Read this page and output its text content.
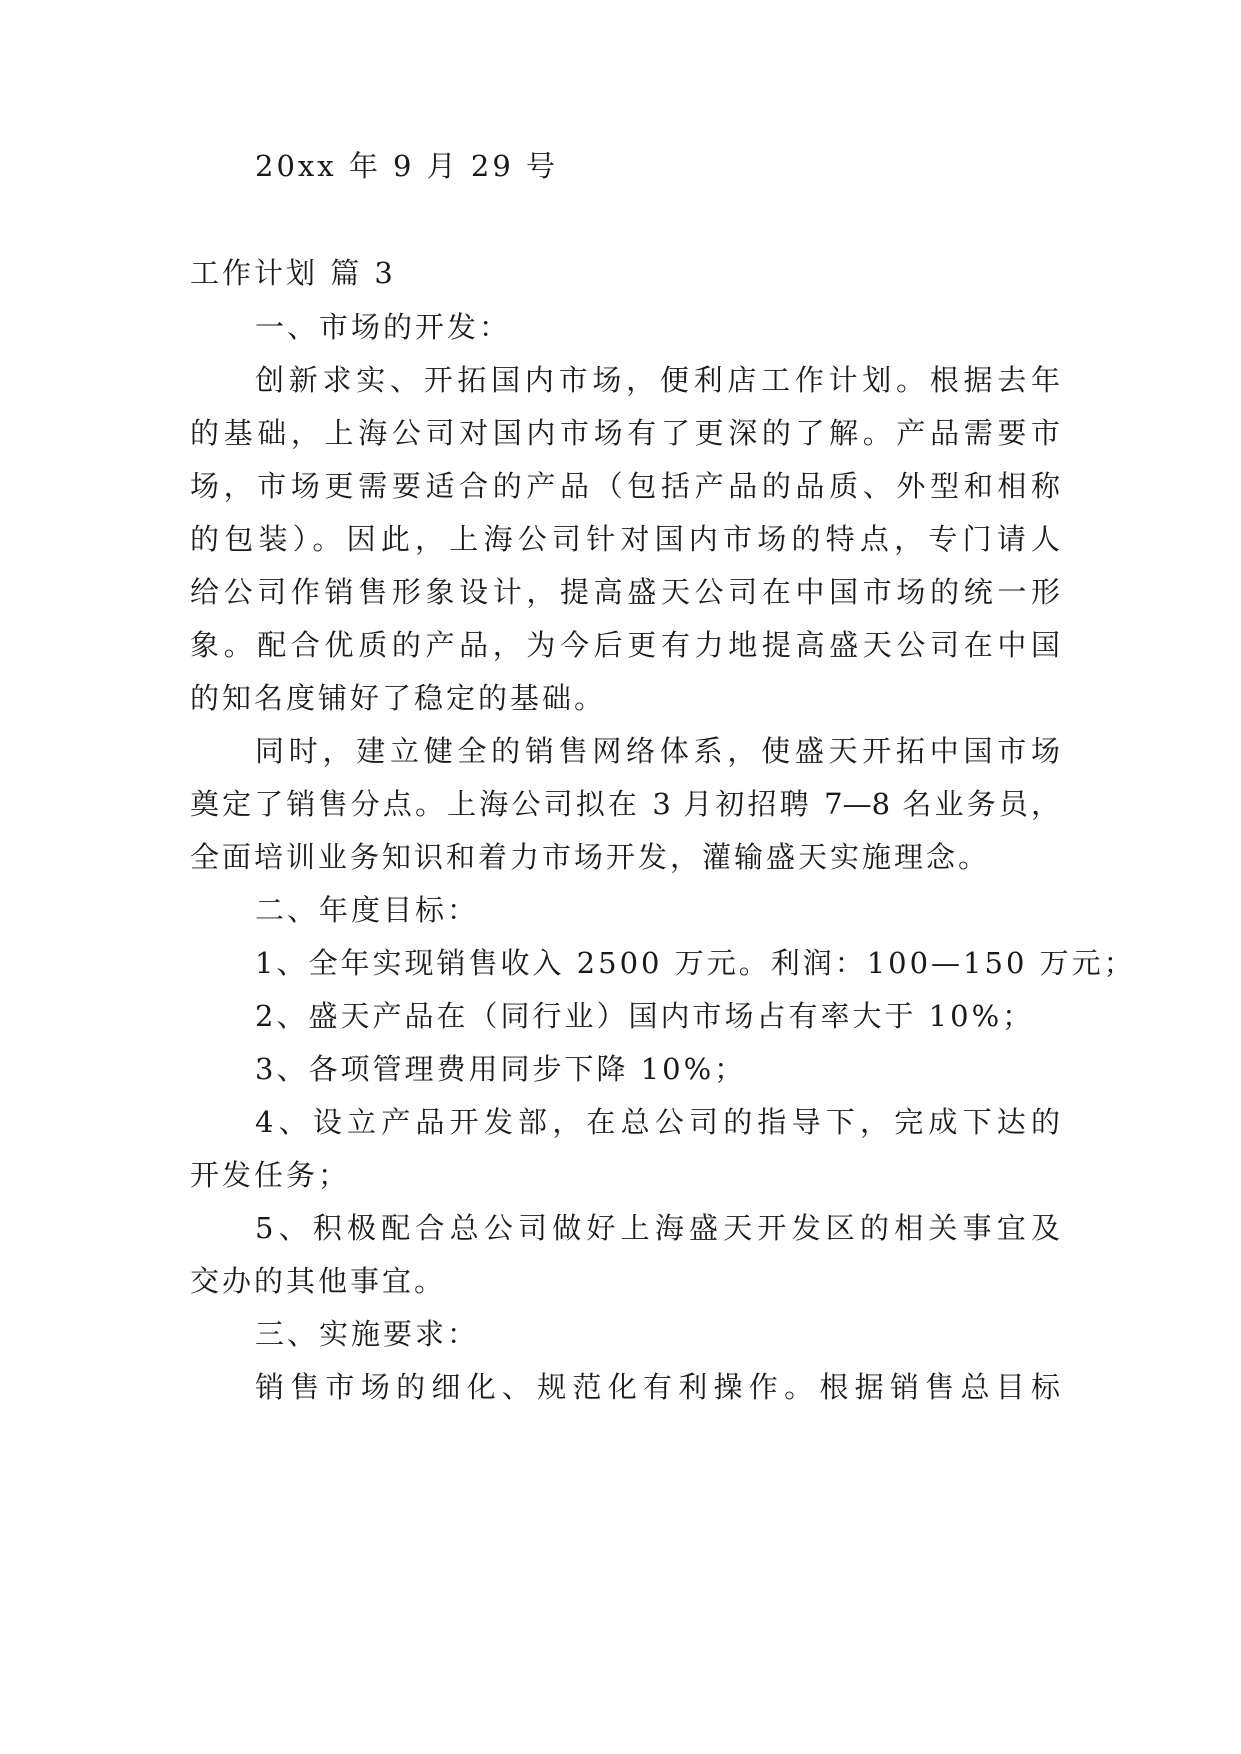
20xx 年 9 月 29 号
工作计划 篇 3
一、市场的开发：
创新求实、开拓国内市场，便利店工作计划。根据去年
的基础，上海公司对国内市场有了更深的了解。产品需要市
场，市场更需要适合的产品（包括产品的品质、外型和相称
的包装）。因此，上海公司针对国内市场的特点，专门请人
给公司作销售形象设计，提高盛天公司在中国市场的统一形
象。配合优质的产品，为今后更有力地提高盛天公司在中国
的知名度铺好了稳定的基础。
同时，建立健全的销售网络体系，使盛天开拓中国市场
奠定了销售分点。上海公司拟在 3 月初招聘 7—8 名业务员，
全面培训业务知识和着力市场开发，灌输盛天实施理念。
二、年度目标：
1、全年实现销售收入 2500 万元。利润：100—150 万元；
2、盛天产品在（同行业）国内市场占有率大于 10%；
3、各项管理费用同步下降 10%；
4、设立产品开发部，在总公司的指导下，完成下达的
开发任务；
5、积极配合总公司做好上海盛天开发区的相关事宜及
交办的其他事宜。
三、实施要求：
销售市场的细化、规范化有利操作。根据销售总目标
